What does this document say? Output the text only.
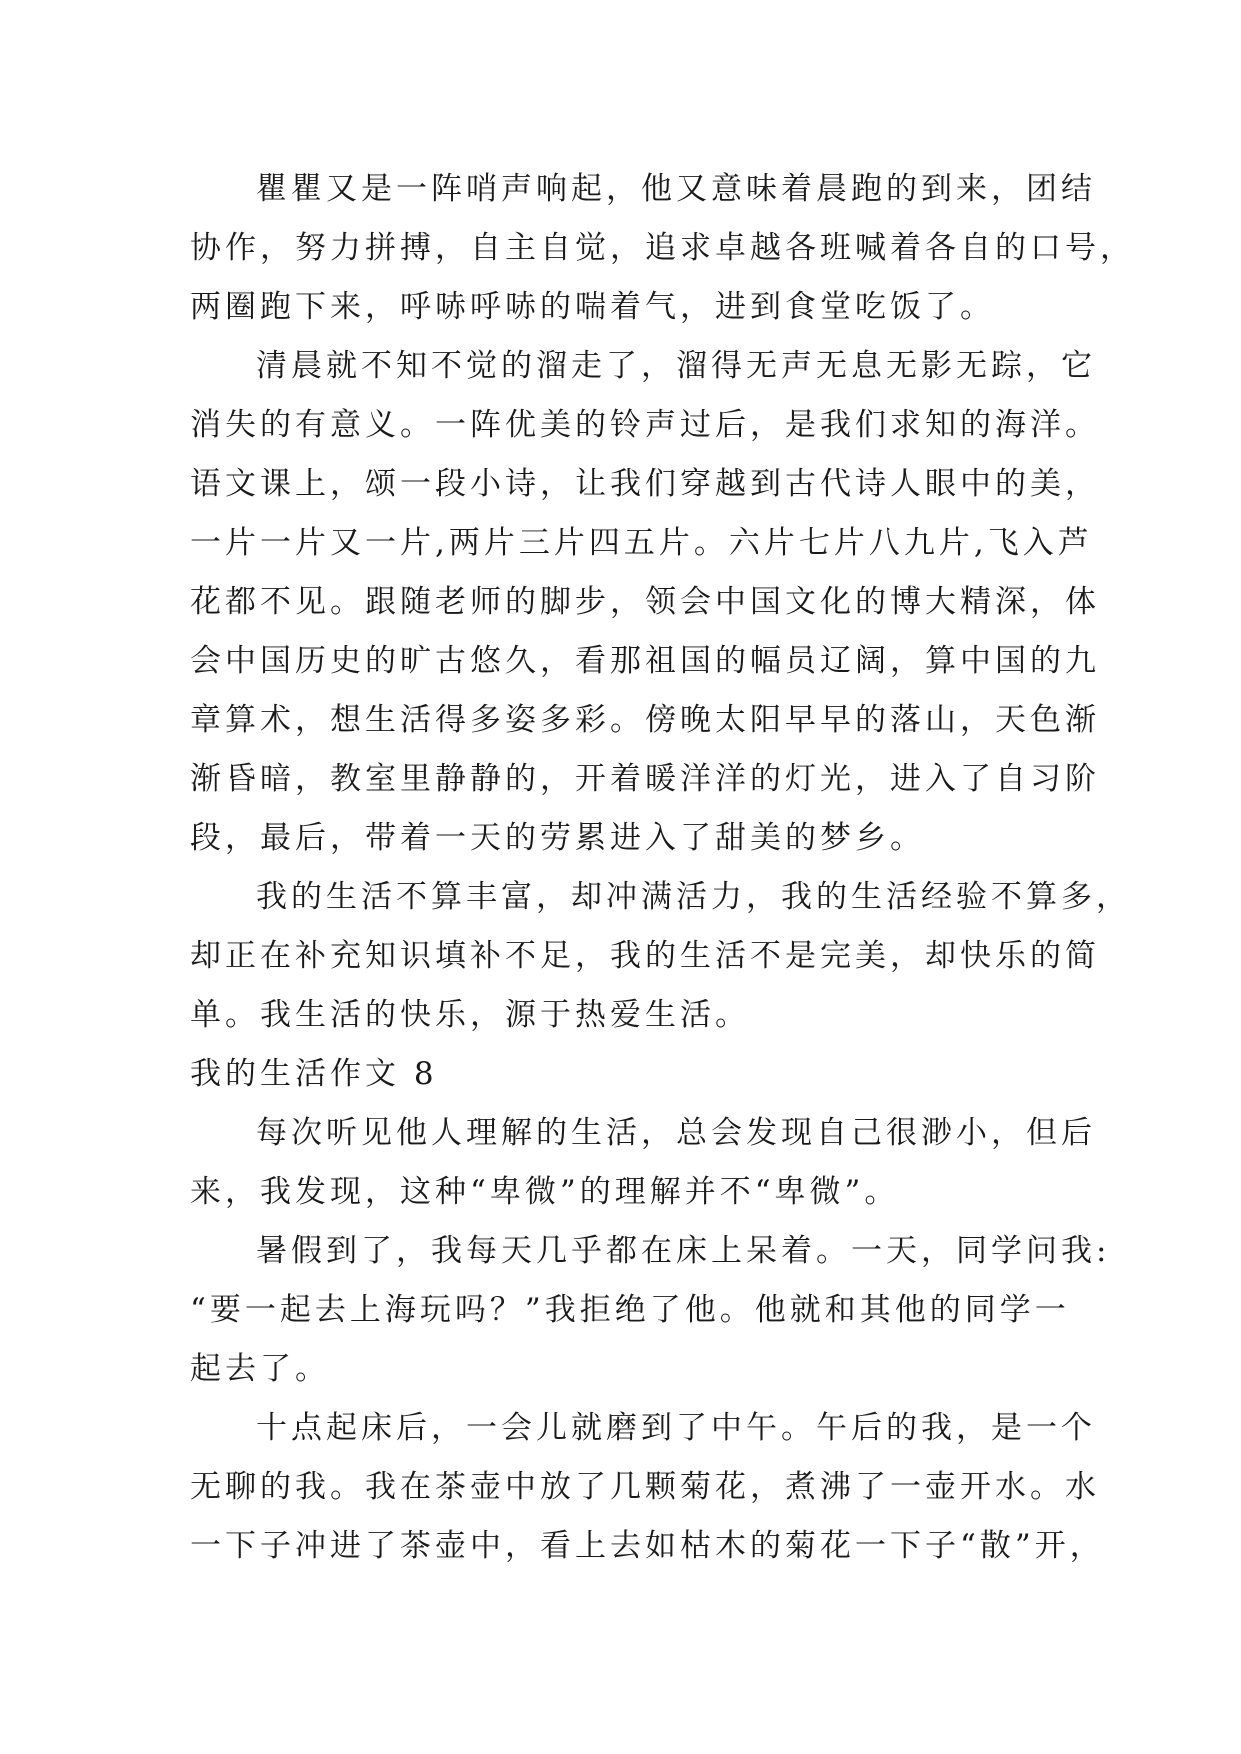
瞿瞿又是一阵哨声响起，他又意味着晨跑的到来，团结
协作，努力拼搏，自主自觉，追求卓越各班喊着各自的口号，
两圈跑下来，呼哧呼哧的喘着气，进到食堂吃饭了。
清晨就不知不觉的溜走了，溜得无声无息无影无踪，它
消失的有意义。一阵优美的铃声过后，是我们求知的海洋。
语文课上，颂一段小诗，让我们穿越到古代诗人眼中的美，
一片一片又一片,两片三片四五片。六片七片八九片,飞入芦
花都不见。跟随老师的脚步，领会中国文化的博大精深，体
会中国历史的旷古悠久，看那祖国的幅员辽阔，算中国的九
章算术，想生活得多姿多彩。傍晚太阳早早的落山，天色渐
渐昏暗，教室里静静的，开着暖洋洋的灯光，进入了自习阶
段，最后，带着一天的劳累进入了甜美的梦乡。
我的生活不算丰富，却冲满活力，我的生活经验不算多，
却正在补充知识填补不足，我的生活不是完美，却快乐的简
单。我生活的快乐，源于热爱生活。
我的生活作文 8
每次听见他人理解的生活，总会发现自己很渺小，但后
来，我发现，这种“卑微”的理解并不“卑微”。
暑假到了，我每天几乎都在床上呆着。一天，同学问我:
“要一起去上海玩吗？”我拒绝了他。他就和其他的同学一
起去了。
十点起床后，一会儿就磨到了中午。午后的我，是一个
无聊的我。我在茶壶中放了几颗菊花，煮沸了一壶开水。水
一下子冲进了茶壶中，看上去如枯木的菊花一下子“散”开，
